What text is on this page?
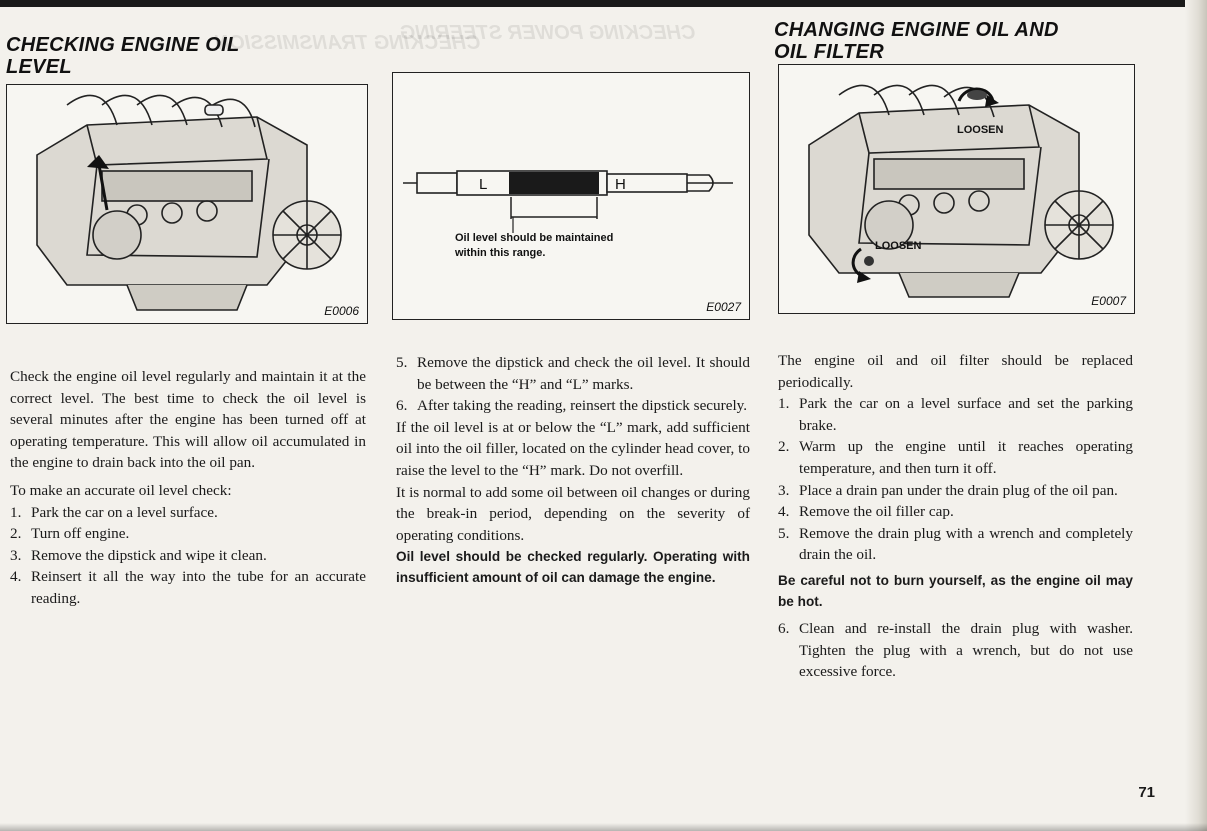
CHECKING TRANSMISSION
CHECKING POWER STEERING
CHECKING ENGINE OIL
LEVEL
CHANGING ENGINE OIL AND
OIL FILTER
E0006
L	H
Oil level should be maintained
within this range.
E0027
LOOSEN
LOOSEN
E0007

Check the engine oil level regularly and maintain it at the correct level. The best time to check the oil level is several minutes after the engine has been turned off at operating temperature. This will allow oil accumulated in the engine to drain back into the oil pan.

To make an accurate oil level check:

1. Park the car on a level surface.
2. Turn off engine.
3. Remove the dipstick and wipe it clean.
4. Reinsert it all the way into the tube for an accurate reading.
5. Remove the dipstick and check the oil level. It should be between the “H” and “L” marks.
6. After taking the reading, reinsert the dipstick securely.

If the oil level is at or below the “L” mark, add sufficient oil into the oil filler, located on the cylinder head cover, to raise the level to the “H” mark. Do not overfill.

It is normal to add some oil between oil changes or during the break-in period, depending on the severity of operating conditions.

Oil level should be checked regularly. Operating with insufficient amount of oil can damage the engine.

The engine oil and oil filter should be replaced periodically.

1. Park the car on a level surface and set the parking brake.
2. Warm up the engine until it reaches operating temperature, and then turn it off.
3. Place a drain pan under the drain plug of the oil pan.
4. Remove the oil filler cap.
5. Remove the drain plug with a wrench and completely drain the oil.

Be careful not to burn yourself, as the engine oil may be hot.

6. Clean and re-install the drain plug with washer. Tighten the plug with a wrench, but do not use excessive force.
71
